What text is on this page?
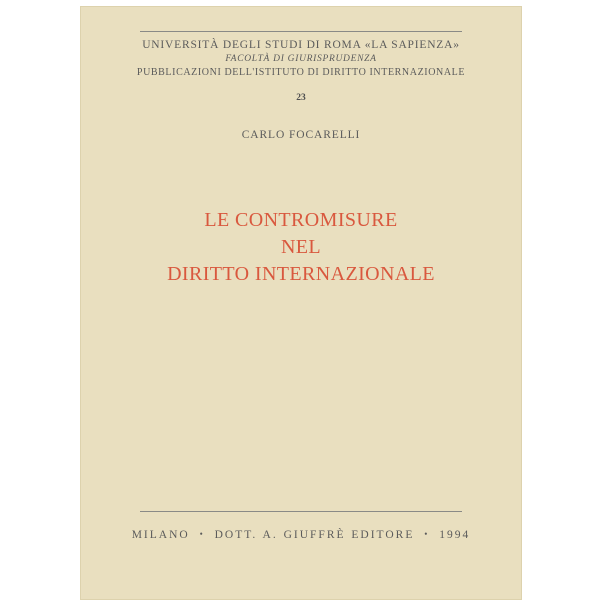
UNIVERSITÀ DEGLI STUDI DI ROMA «LA SAPIENZA»
FACOLTÀ DI GIURISPRUDENZA
PUBBLICAZIONI DELL'ISTITUTO DI DIRITTO INTERNAZIONALE
23
CARLO FOCARELLI
LE CONTROMISURE
NEL
DIRITTO INTERNAZIONALE
MILANO • DOTT. A. GIUFFRÈ EDITORE • 1994
